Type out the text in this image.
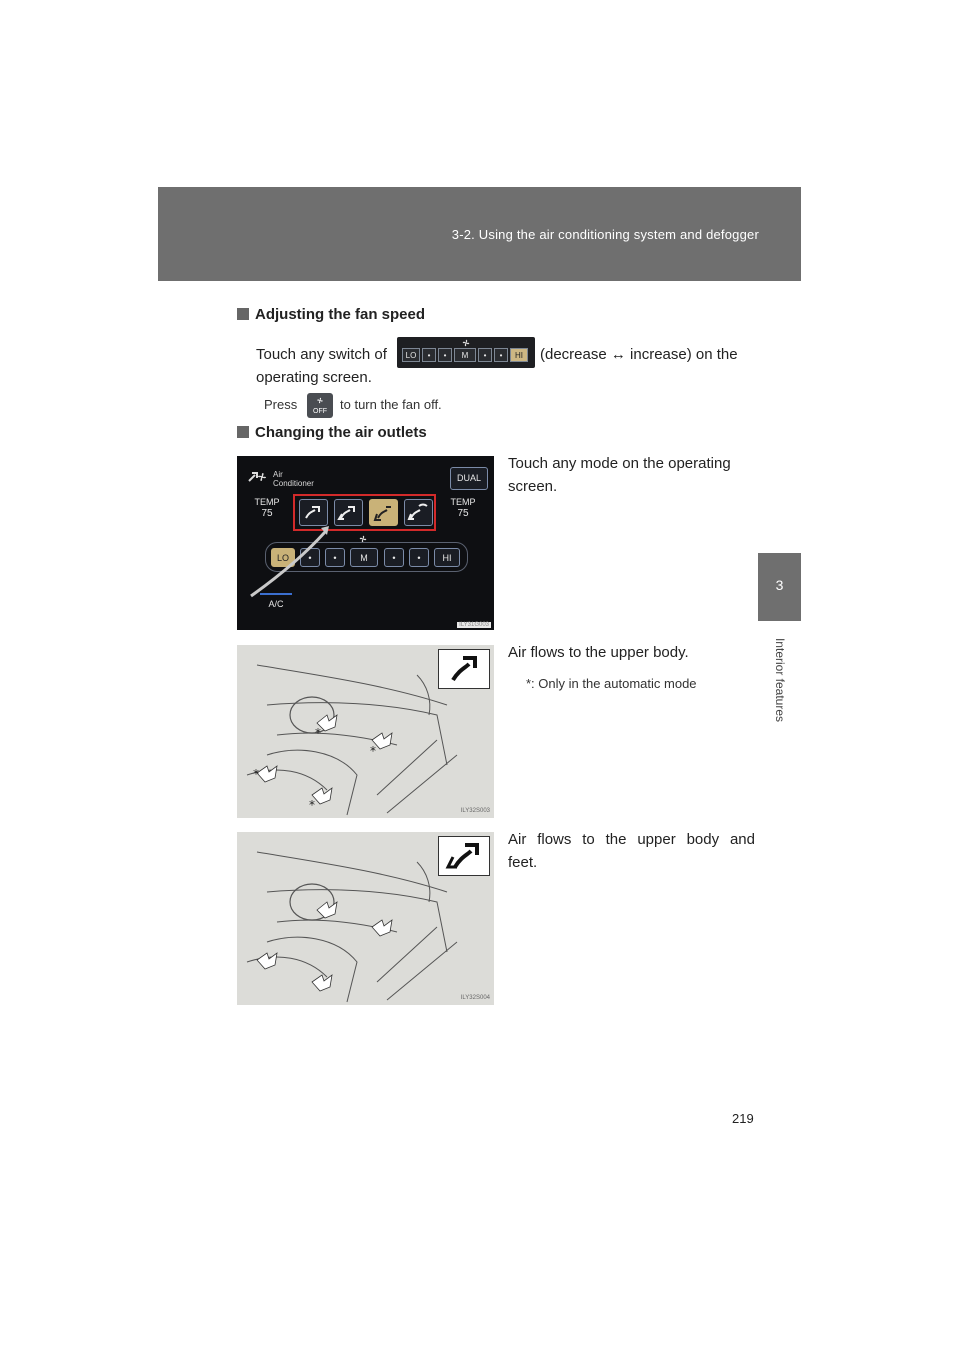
3-2. Using the air conditioning system and defogger
3
Interior features
Adjusting the fan speed
Touch any switch of	LO	•	•	M	•	•	HI	(decrease ↔ increase) on the
operating screen.
Press	OFF	to turn the fan off.
Changing the air outlets
Air
Conditioner
DUAL
TEMP
75
TEMP
75
LO	•	•	M	•	•	HI
A/C
ILY31G003
Touch any mode on the operating
screen.
*
*
*
*	ILY32S003
Air flows to the upper body.
*: Only in the automatic mode
ILY32S004
Air flows to the upper body and
feet.
219
